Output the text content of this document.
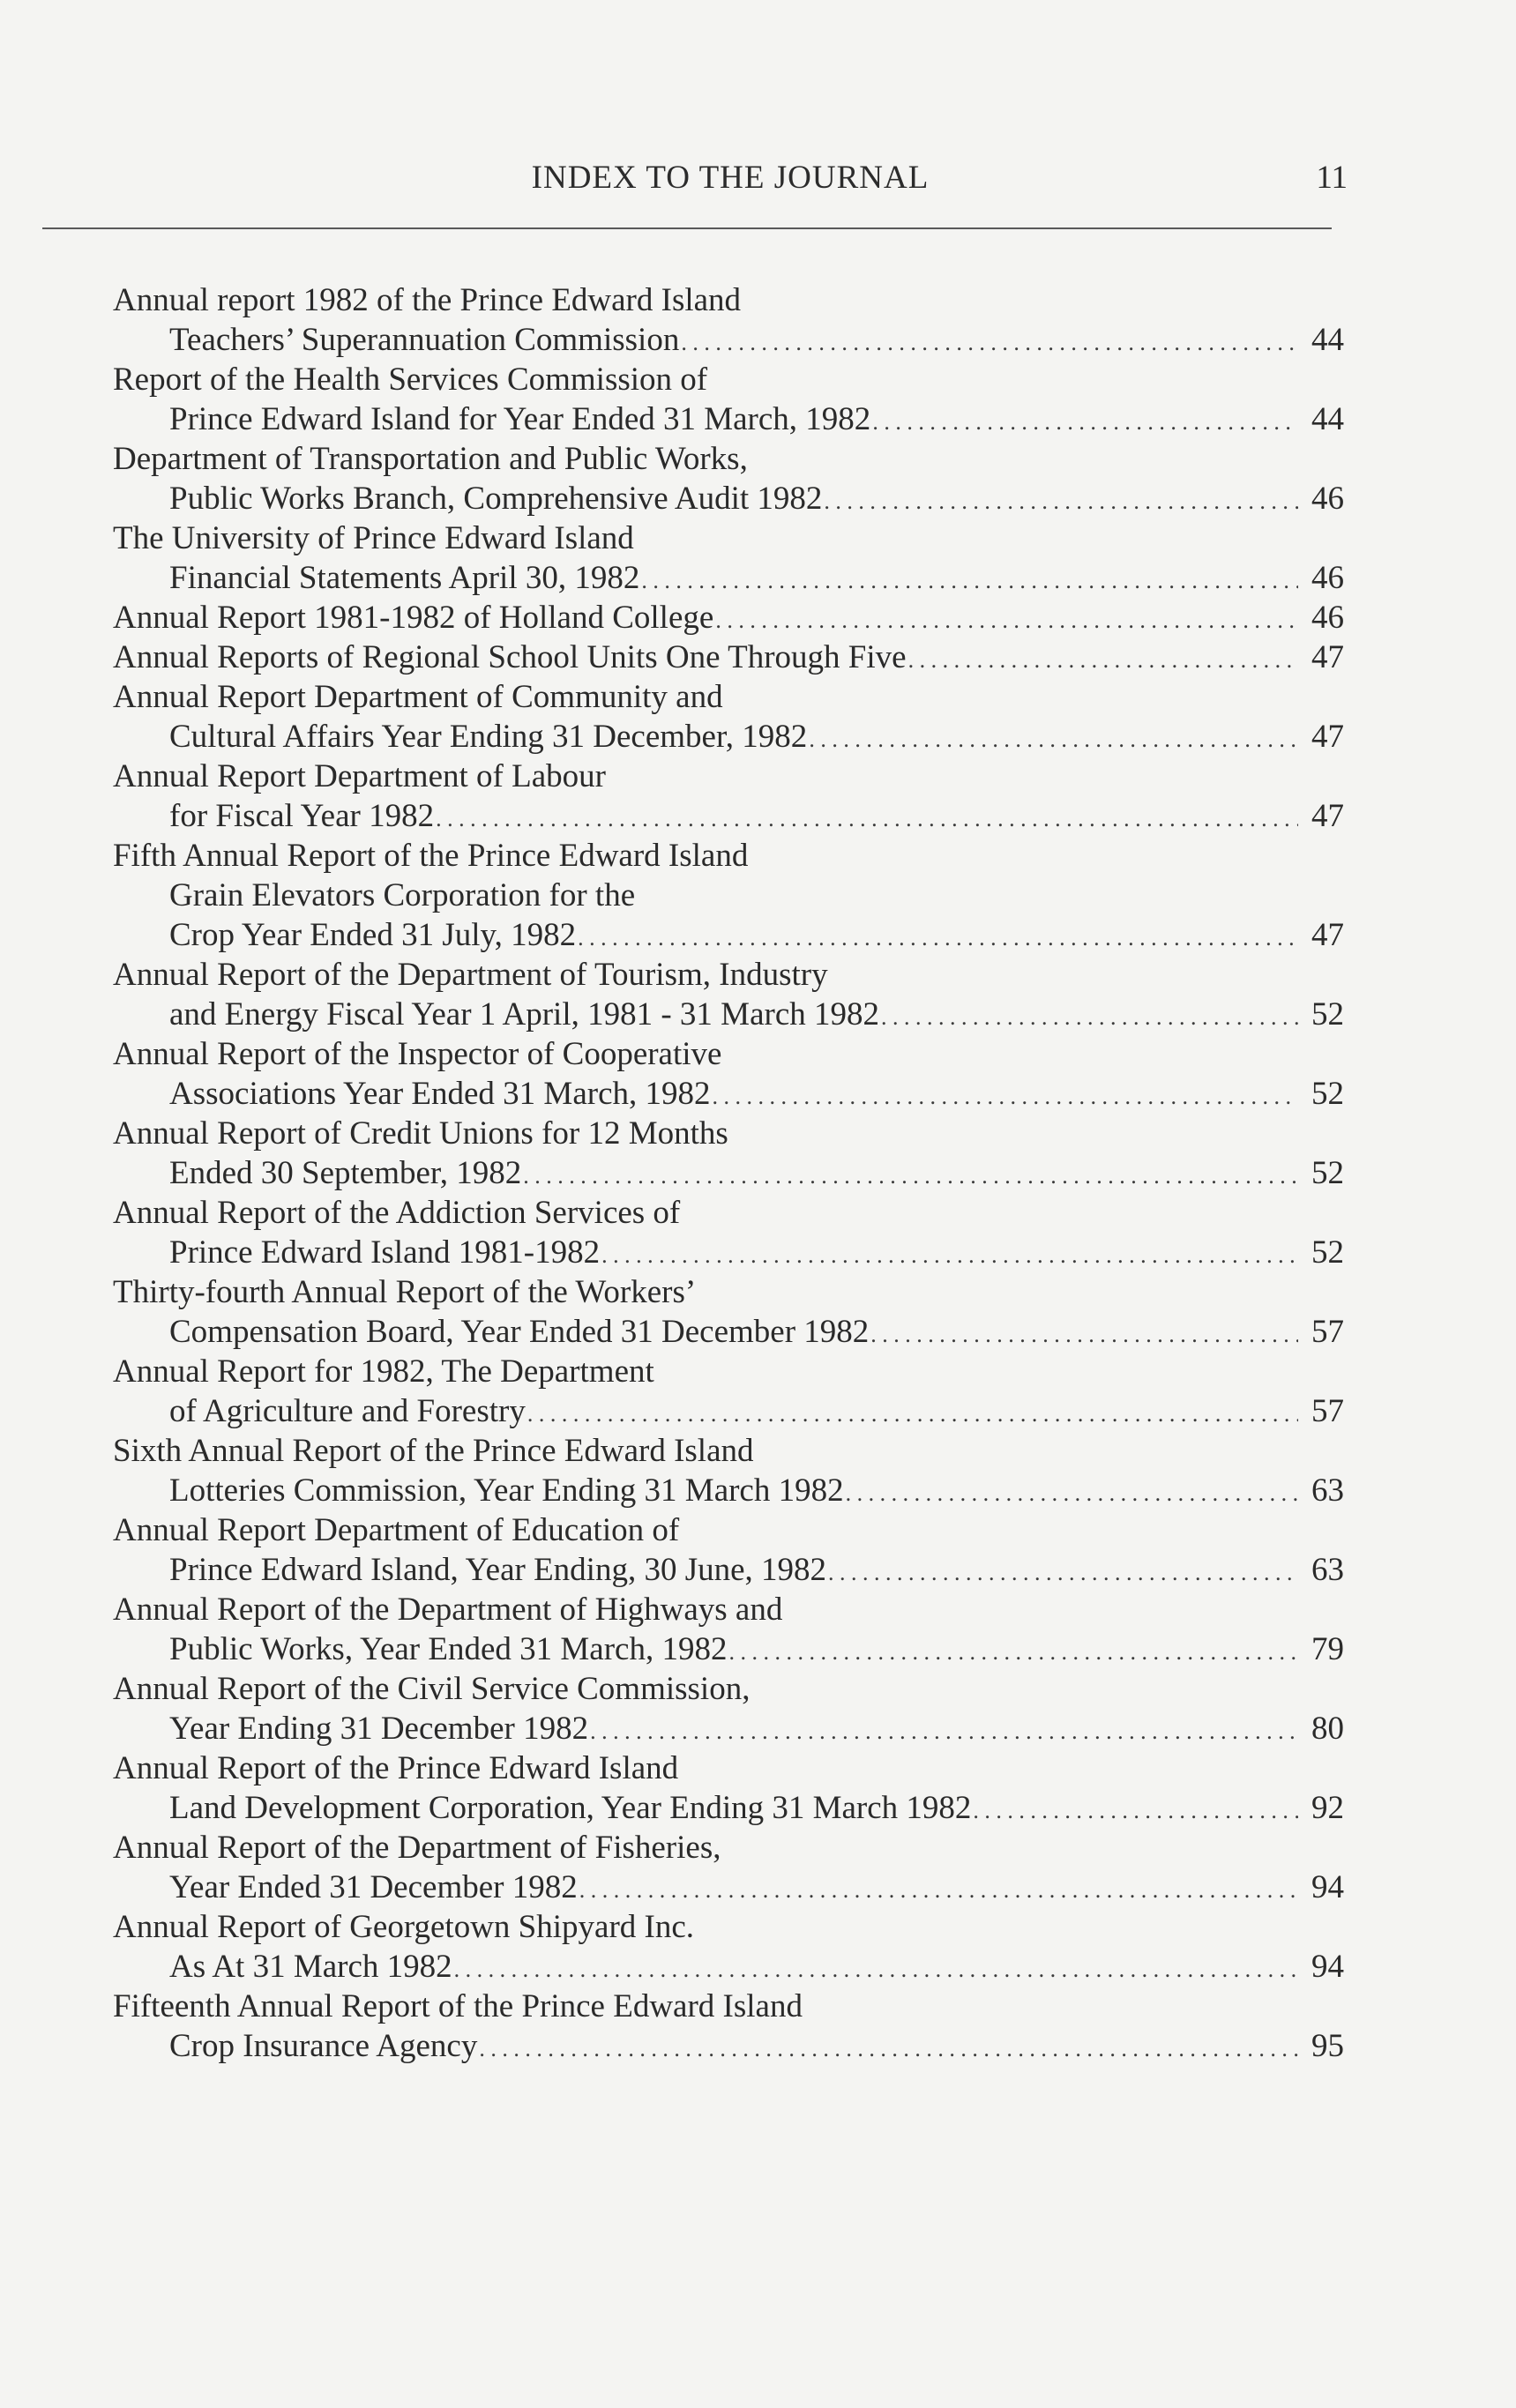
INDEX TO THE JOURNAL	11
Annual report 1982 of the Prince Edward Island
Teachers’ Superannuation Commission . . .	44
Report of the Health Services Commission of
Prince Edward Island for Year Ended 31 March, 1982 . . .	44
Department of Transportation and Public Works,
Public Works Branch, Comprehensive Audit 1982 . . .	46
The University of Prince Edward Island
Financial Statements April 30, 1982 . . .	46
Annual Report 1981-1982 of Holland College . . .	46
Annual Reports of Regional School Units One Through Five . . .	47
Annual Report Department of Community and
Cultural Affairs Year Ending 31 December, 1982 . . .	47
Annual Report Department of Labour
for Fiscal Year 1982 . . .	47
Fifth Annual Report of the Prince Edward Island
Grain Elevators Corporation for the
Crop Year Ended 31 July, 1982 . . .	47
Annual Report of the Department of Tourism, Industry
and Energy Fiscal Year 1 April, 1981 - 31 March 1982 . . .	52
Annual Report of the Inspector of Cooperative
Associations Year Ended 31 March, 1982 . . .	52
Annual Report of Credit Unions for 12 Months
Ended 30 September, 1982 . . .	52
Annual Report of the Addiction Services of
Prince Edward Island 1981-1982 . . .	52
Thirty-fourth Annual Report of the Workers’
Compensation Board, Year Ended 31 December 1982 . . .	57
Annual Report for 1982, The Department
of Agriculture and Forestry . . .	57
Sixth Annual Report of the Prince Edward Island
Lotteries Commission, Year Ending 31 March 1982 . . .	63
Annual Report Department of Education of
Prince Edward Island, Year Ending, 30 June, 1982 . . .	63
Annual Report of the Department of Highways and
Public Works, Year Ended 31 March, 1982 . . .	79
Annual Report of the Civil Service Commission,
Year Ending 31 December 1982 . . .	80
Annual Report of the Prince Edward Island
Land Development Corporation, Year Ending 31 March 1982 . . .	92
Annual Report of the Department of Fisheries,
Year Ended 31 December 1982 . . .	94
Annual Report of Georgetown Shipyard Inc.
As At 31 March 1982 . . .	94
Fifteenth Annual Report of the Prince Edward Island
Crop Insurance Agency . . .	95
